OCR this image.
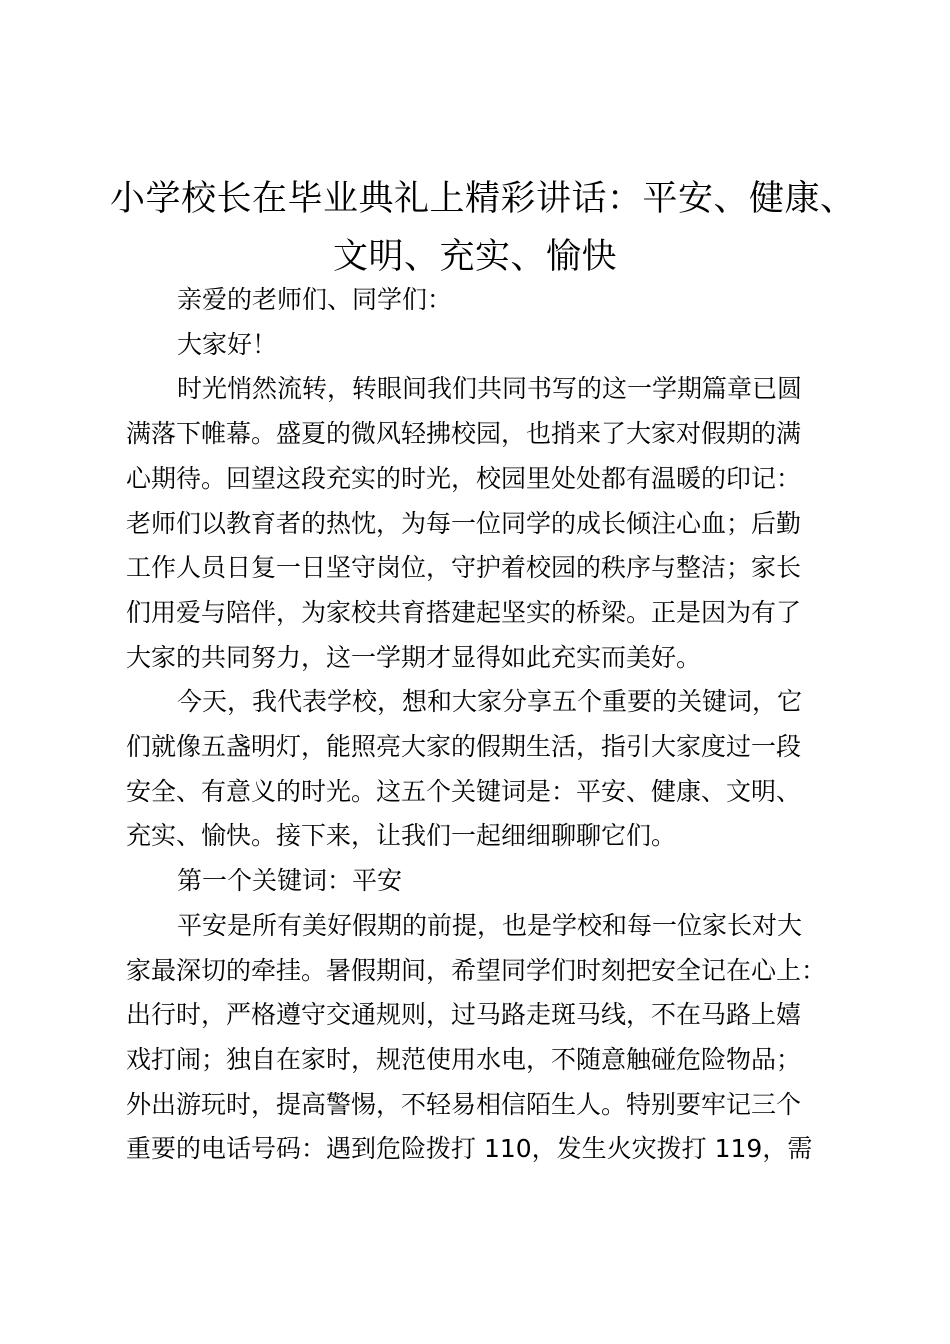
小学校长在毕业典礼上精彩讲话：平安、健康、
文明、充实、愉快
亲爱的老师们、同学们：
大家好！
时光悄然流转，转眼间我们共同书写的这一学期篇章已圆
满落下帷幕。盛夏的微风轻拂校园，也捎来了大家对假期的满
心期待。回望这段充实的时光，校园里处处都有温暖的印记：
老师们以教育者的热忱，为每一位同学的成长倾注心血；后勤
工作人员日复一日坚守岗位，守护着校园的秩序与整洁；家长
们用爱与陪伴，为家校共育搭建起坚实的桥梁。正是因为有了
大家的共同努力，这一学期才显得如此充实而美好。
今天，我代表学校，想和大家分享五个重要的关键词，它
们就像五盏明灯，能照亮大家的假期生活，指引大家度过一段
安全、有意义的时光。这五个关键词是：平安、健康、文明、
充实、愉快。接下来，让我们一起细细聊聊它们。
第一个关键词：平安
平安是所有美好假期的前提，也是学校和每一位家长对大
家最深切的牵挂。暑假期间，希望同学们时刻把安全记在心上：
出行时，严格遵守交通规则，过马路走斑马线，不在马路上嬉
戏打闹；独自在家时，规范使用水电，不随意触碰危险物品；
外出游玩时，提高警惕，不轻易相信陌生人。特别要牢记三个
重要的电话号码：遇到危险拨打 110，发生火灾拨打 119，需
